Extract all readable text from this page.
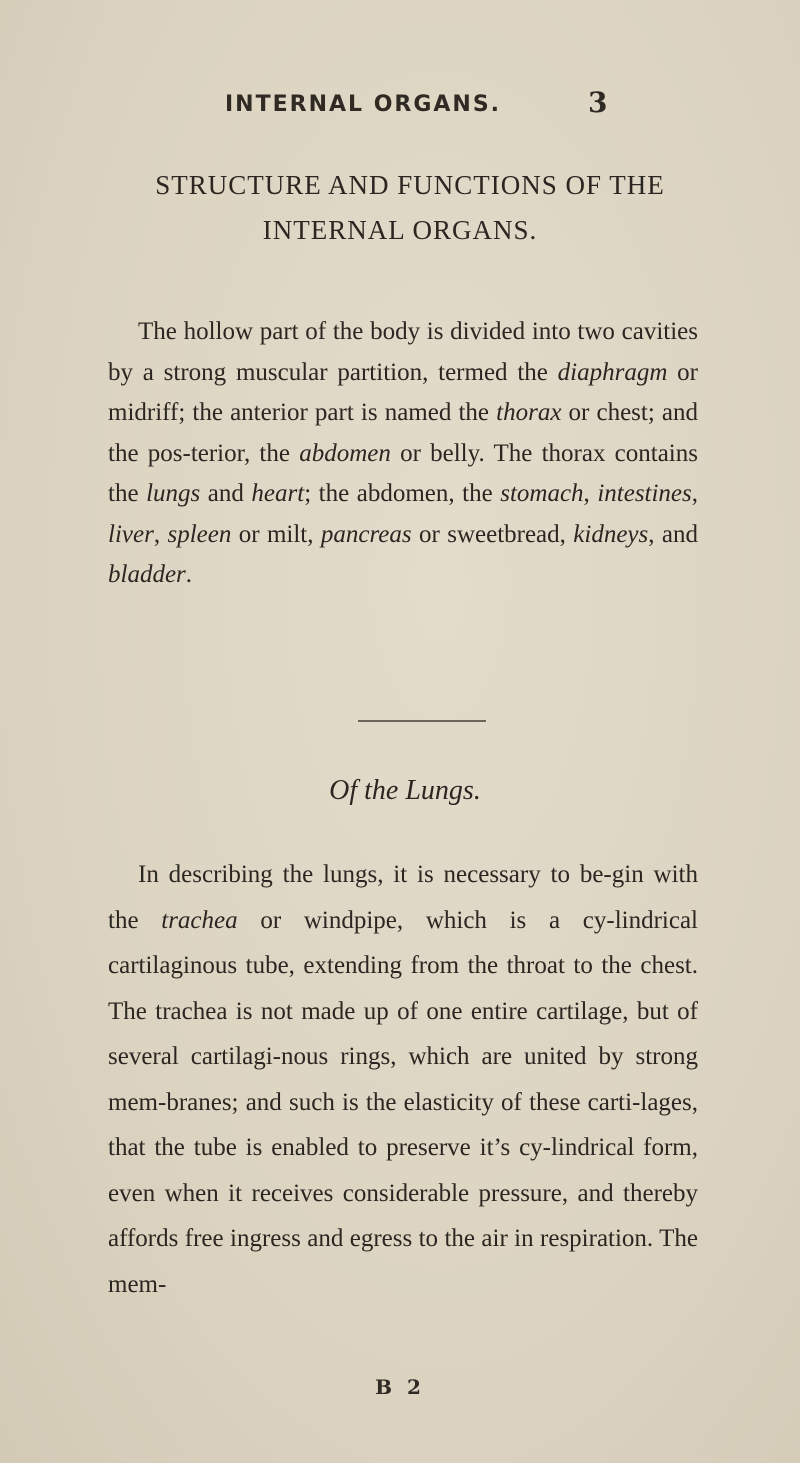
INTERNAL ORGANS.	3
STRUCTURE AND FUNCTIONS OF THE
INTERNAL ORGANS.

The hollow part of the body is divided into two cavities by a strong muscular partition, termed the diaphragm or midriff; the anterior part is named the thorax or chest; and the pos-terior, the abdomen or belly. The thorax contains the lungs and heart; the abdomen, the stomach, intestines, liver, spleen or milt, pancreas or sweetbread, kidneys, and bladder.

Of the Lungs.

In describing the lungs, it is necessary to be-gin with the trachea or windpipe, which is a cy-lindrical cartilaginous tube, extending from the throat to the chest. The trachea is not made up of one entire cartilage, but of several cartilagi-nous rings, which are united by strong mem-branes; and such is the elasticity of these carti-lages, that the tube is enabled to preserve it’s cy-lindrical form, even when it receives considerable pressure, and thereby affords free ingress and egress to the air in respiration. The mem-

B 2
